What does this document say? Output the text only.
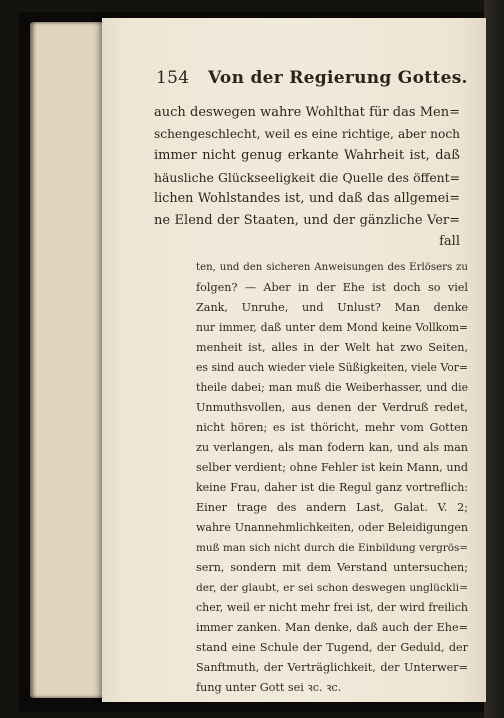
154 Von der Regierung Gottes.
auch deswegen wahre Wohlthat für das Men=
schengeschlecht, weil es eine richtige, aber noch
immer nicht genug erkante Wahrheit ist, daß
häusliche Glückseeligkeit die Quelle des öffent=
lichen Wohlstandes ist, und daß das allgemei=
ne Elend der Staaten, und der gänzliche Ver=
fall
ten, und den sicheren Anweisungen des Erlösers zu
folgen? — Aber in der Ehe ist doch so viel
Zank, Unruhe, und Unlust? Man denke
nur immer, daß unter dem Mond keine Vollkom=
menheit ist, alles in der Welt hat zwo Seiten,
es sind auch wieder viele Süßigkeiten, viele Vor=
theile dabei; man muß die Weiberhasser, und die
Unmuthsvollen, aus denen der Verdruß redet,
nicht hören; es ist thöricht, mehr vom Gotten
zu verlangen, als man fodern kan, und als man
selber verdient; ohne Fehler ist kein Mann, und
keine Frau, daher ist die Regul ganz vortreflich:
Einer trage des andern Last, Galat. V. 2;
wahre Unannehmlichkeiten, oder Beleidigungen
muß man sich nicht durch die Einbildung vergrös=
sern, sondern mit dem Verstand untersuchen;
der, der glaubt, er sei schon deswegen unglückli=
cher, weil er nicht mehr frei ist, der wird freilich
immer zanken. Man denke, daß auch der Ehe=
stand eine Schule der Tugend, der Geduld, der
Sanftmuth, der Verträglichkeit, der Unterwer=
fung unter Gott sei ꝛc. ꝛc.
